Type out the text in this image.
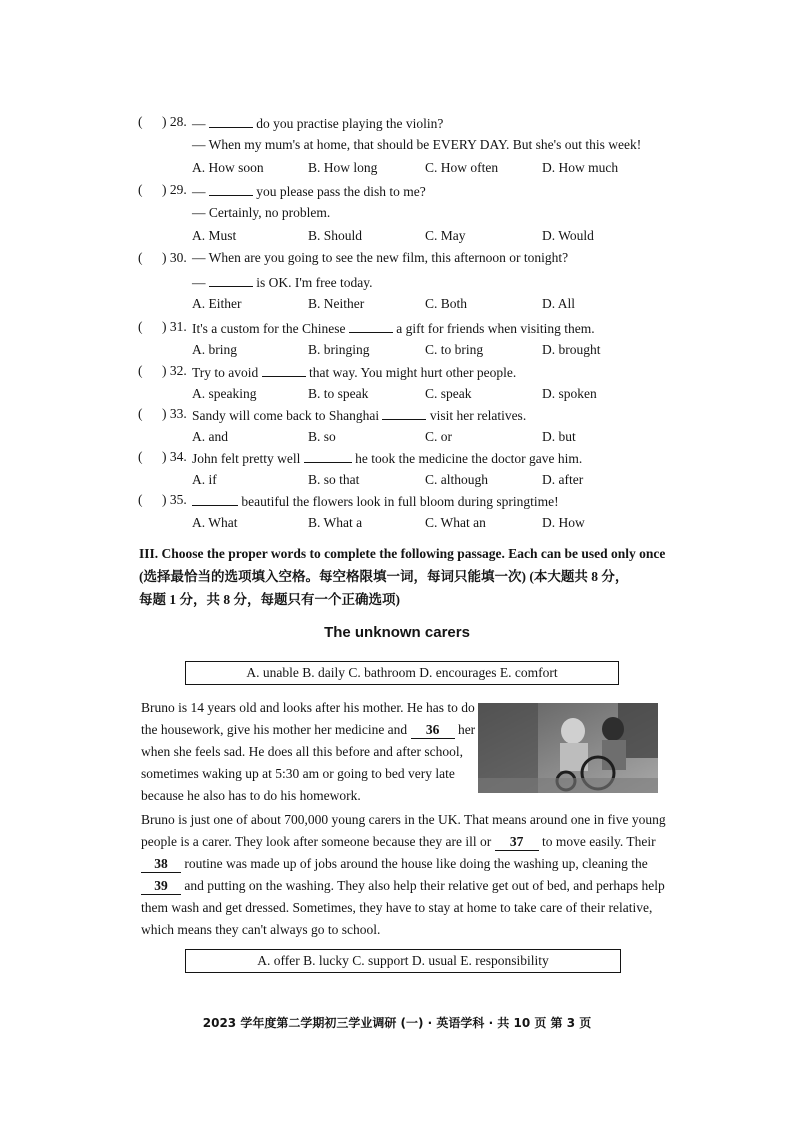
( ) 28. —	do you practise playing the violin?
— When my mum's at home, that should be EVERY DAY. But she's out this week!
A. How soon	B. How long	C. How often	D. How much
( ) 29. —	you please pass the dish to me?
— Certainly, no problem.
A. Must	B. Should	C. May	D. Would
( ) 30. — When are you going to see the new film, this afternoon or tonight?
—	is OK. I'm free today.
A. Either	B. Neither	C. Both	D. All
( ) 31. It's a custom for the Chinese	a gift for friends when visiting them.
A. bring	B. bringing	C. to bring	D. brought
( ) 32. Try to avoid	that way. You might hurt other people.
A. speaking	B. to speak	C. speak	D. spoken
( ) 33. Sandy will come back to Shanghai	visit her relatives.
A. and	B. so	C. or	D. but
( ) 34. John felt pretty well	he took the medicine the doctor gave him.
A. if	B. so that	C. although	D. after
( ) 35.	beautiful the flowers look in full bloom during springtime!
A. What	B. What a	C. What an	D. How
III. Choose the proper words to complete the following passage. Each can be used only once
(选择最恰当的选项填入空格。每空格限填一词，每词只能填一次) (本大题共 8 分，
每题 1 分，共 8 分，每题只有一个正确选项)
The unknown carers
A. unable B. daily C. bathroom D. encourages E. comfort
Bruno is 14 years old and looks after his mother. He has to do
the housework, give his mother her medicine and 36 her
when she feels sad. He does all this before and after school,
sometimes waking up at 5:30 am or going to bed very late
because he also has to do his homework.
Bruno is just one of about 700,000 young carers in the UK. That means around one in five young
people is a carer. They look after someone because they are ill or 37 to move easily. Their
38 routine was made up of jobs around the house like doing the washing up, cleaning the
39 and putting on the washing. They also help their relative get out of bed, and perhaps help
them wash and get dressed. Sometimes, they have to stay at home to take care of their relative,
which means they can't always go to school.
A. offer B. lucky C. support D. usual E. responsibility
2023 学年度第二学期初三学业调研 (一) · 英语学科 · 共 10 页 第 3 页
